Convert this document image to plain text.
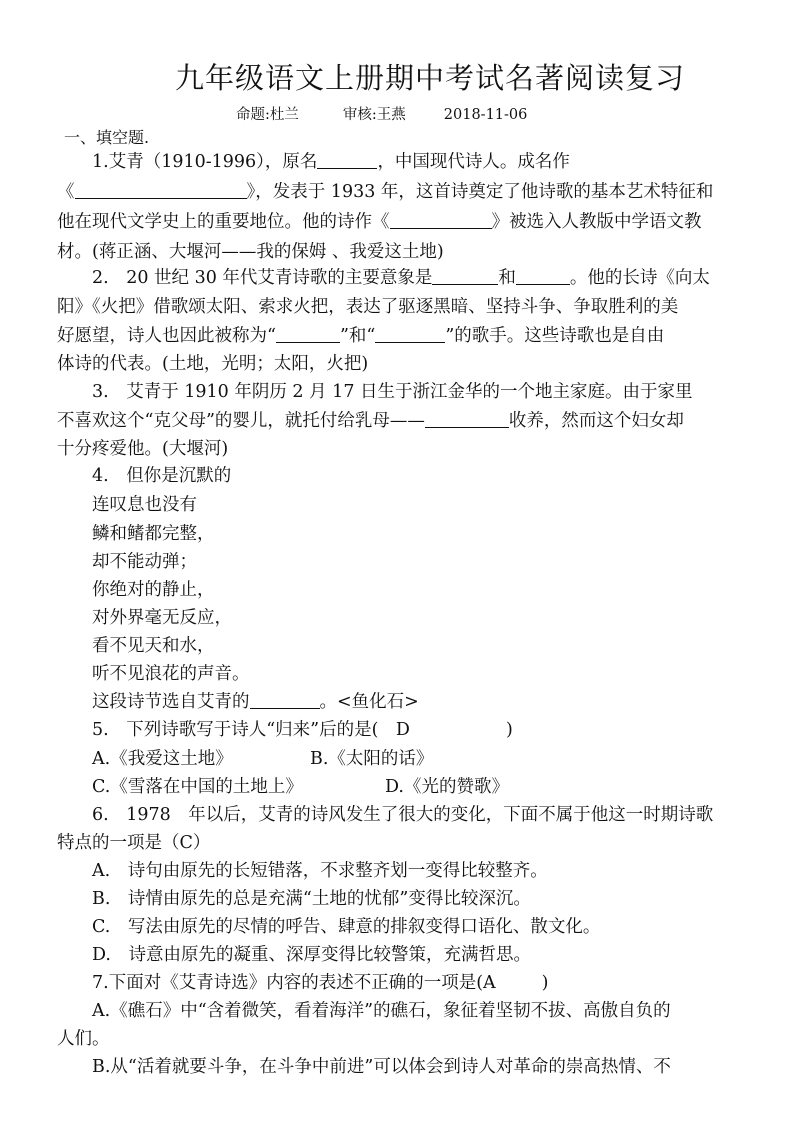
九年级语文上册期中考试名著阅读复习
命题:杜兰	审核:王燕	2018-11-06
一、填空题.
1.艾青（1910-1996），原名	，中国现代诗人。成名作
《	》，发表于 1933 年，这首诗奠定了他诗歌的基本艺术特征和
他在现代文学史上的重要地位。他的诗作《	》被选入人教版中学语文教
材。(蒋正涵、大堰河——我的保姆 、我爱这土地)
2.　20 世纪 30 年代艾青诗歌的主要意象是	和	。他的长诗《向太
阳》《火把》借歌颂太阳、索求火把，表达了驱逐黑暗、坚持斗争、争取胜利的美
好愿望，诗人也因此被称为“	”和“	”的歌手。这些诗歌也是自由
体诗的代表。(土地，光明；太阳，火把)
3.　艾青于 1910 年阴历 2 月 17 日生于浙江金华的一个地主家庭。由于家里
不喜欢这个“克父母”的婴儿，就托付给乳母——	收养，然而这个妇女却
十分疼爱他。(大堰河)
4.　但你是沉默的
连叹息也没有
鳞和鳍都完整，
却不能动弹；
你绝对的静止，
对外界毫无反应，
看不见天和水，
听不见浪花的声音。
这段诗节选自艾青的	。<鱼化石>
5.　下列诗歌写于诗人“归来”后的是(　D	)
A.《我爱这土地》	B.《太阳的话》
C.《雪落在中国的土地上》	D.《光的赞歌》
6.　1978　年以后，艾青的诗风发生了很大的变化，下面不属于他这一时期诗歌
特点的一项是（C）
A.　诗句由原先的长短错落，不求整齐划一变得比较整齐。
B.　诗情由原先的总是充满“土地的忧郁”变得比较深沉。
C.　写法由原先的尽情的呼告、肆意的排叙变得口语化、散文化。
D.　诗意由原先的凝重、深厚变得比较警策，充满哲思。
7.下面对《艾青诗选》内容的表述不正确的一项是(A	)
A.《礁石》中“含着微笑，看着海洋”的礁石，象征着坚韧不拔、高傲自负的
人们。
B.从“活着就要斗争，在斗争中前进”可以体会到诗人对革命的崇高热情、不
